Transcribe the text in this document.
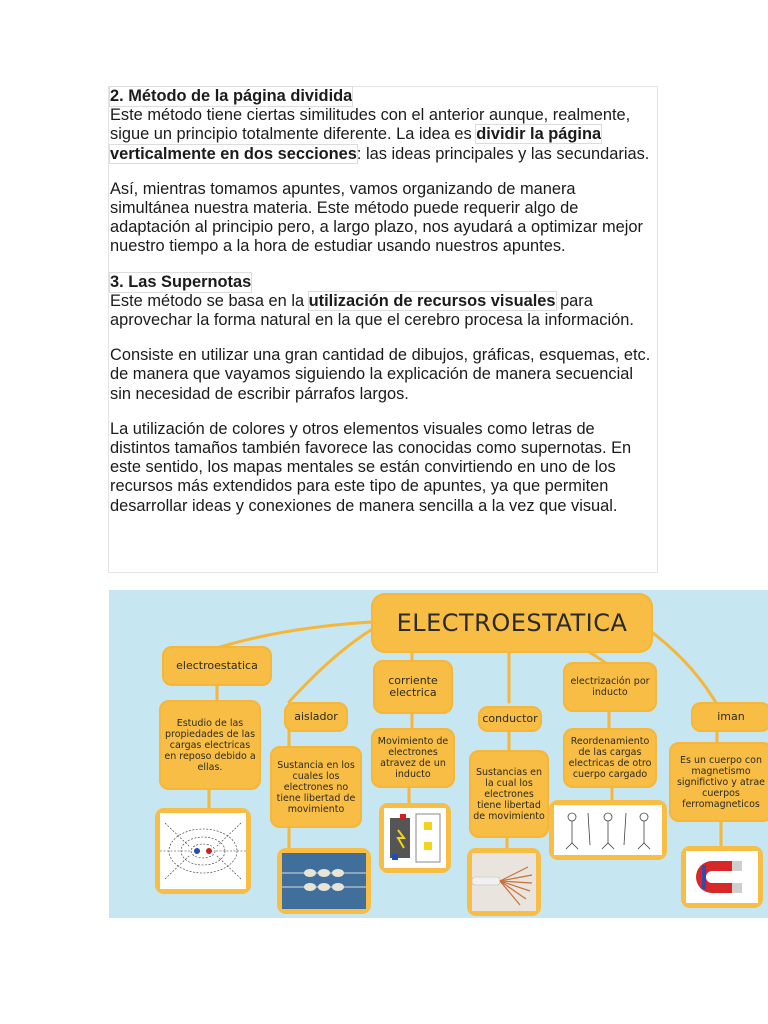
2. Método de la página dividida

Este método tiene ciertas similitudes con el anterior aunque, realmente, sigue un principio totalmente diferente. La idea es dividir la página verticalmente en dos secciones: las ideas principales y las secundarias.

Así, mientras tomamos apuntes, vamos organizando de manera simultánea nuestra materia. Este método puede requerir algo de adaptación al principio pero, a largo plazo, nos ayudará a optimizar mejor nuestro tiempo a la hora de estudiar usando nuestros apuntes.

3. Las Supernotas

Este método se basa en la utilización de recursos visuales para aprovechar la forma natural en la que el cerebro procesa la información.

Consiste en utilizar una gran cantidad de dibujos, gráficas, esquemas, etc. de manera que vayamos siguiendo la explicación de manera secuencial sin necesidad de escribir párrafos largos.

La utilización de colores y otros elementos visuales como letras de distintos tamaños también favorece las conocidas como supernotas. En este sentido, los mapas mentales se están convirtiendo en uno de los recursos más extendidos para este tipo de apuntes, ya que permiten desarrollar ideas y conexiones de manera sencilla a la vez que visual.

ELECTROESTATICA
electroestatica
Estudio de las propiedades de las cargas electricas en reposo debido a ellas.
aislador
Sustancia en los cuales los electrones no tiene libertad de movimiento
corriente electrica
Movimiento de electrones atravez de un inducto
conductor
Sustancias en la cual los electrones tiene libertad de movimiento
electrización por inducto
Reordenamiento de las cargas electricas de otro cuerpo cargado
iman
Es un cuerpo con magnetismo significtivo y atrae cuerpos ferromagneticos
